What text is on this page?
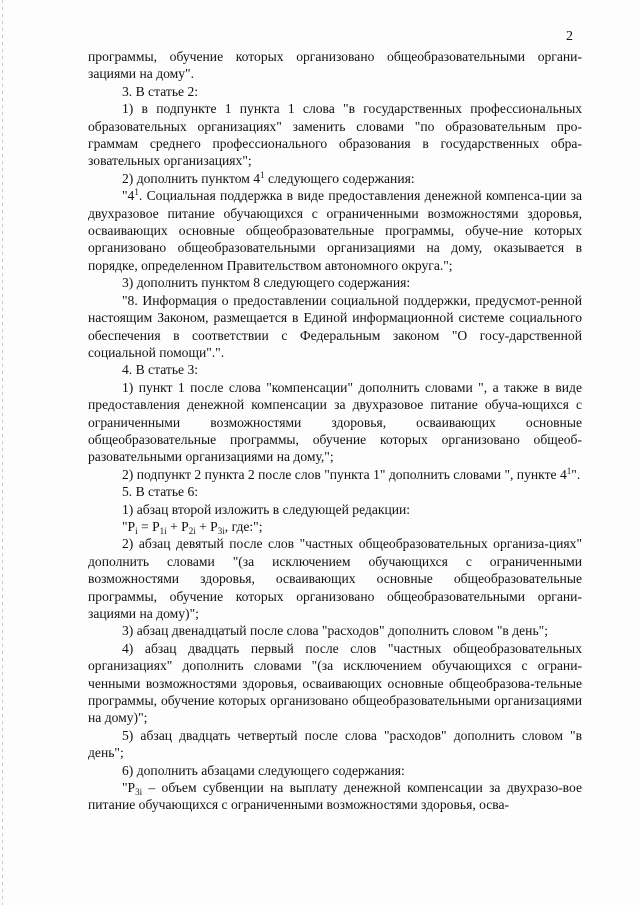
2

программы, обучение которых организовано общеобразовательными органи-зациями на дому".

3. В статье 2:

1) в подпункте 1 пункта 1 слова "в государственных профессиональных образовательных организациях" заменить словами "по образовательным про-граммам среднего профессионального образования в государственных обра-зовательных организациях";

2) дополнить пунктом $4^1$ следующего содержания:

"$4^1$. Социальная поддержка в виде предоставления денежной компенса-ции за двухразовое питание обучающихся с ограниченными возможностями здоровья, осваивающих основные общеобразовательные программы, обуче-ние которых организовано общеобразовательными организациями на дому, оказывается в порядке, определенном Правительством автономного округа.";

3) дополнить пунктом 8 следующего содержания:

"8. Информация о предоставлении социальной поддержки, предусмот-ренной настоящим Законом, размещается в Единой информационной системе социального обеспечения в соответствии с Федеральным законом "О госу-дарственной социальной помощи".".

4. В статье 3:

1) пункт 1 после слова "компенсации" дополнить словами ", а также в виде предоставления денежной компенсации за двухразовое питание обуча-ющихся с ограниченными возможностями здоровья, осваивающих основные общеобразовательные программы, обучение которых организовано общеоб-разовательными организациями на дому,";

2) подпункт 2 пункта 2 после слов "пункта 1" дополнить словами ", пункте $4^1$".

5. В статье 6:

1) абзац второй изложить в следующей редакции:

"$P_i = P_{1i} + P_{2i} + P_{3i}$, где:";

2) абзац девятый после слов "частных общеобразовательных организа-циях" дополнить словами "(за исключением обучающихся с ограниченными возможностями здоровья, осваивающих основные общеобразовательные программы, обучение которых организовано общеобразовательными органи-зациями на дому)";

3) абзац двенадцатый после слова "расходов" дополнить словом "в день";

4) абзац двадцать первый после слов "частных общеобразовательных организациях" дополнить словами "(за исключением обучающихся с ограни-ченными возможностями здоровья, осваивающих основные общеобразова-тельные программы, обучение которых организовано общеобразовательными организациями на дому)";

5) абзац двадцать четвертый после слова "расходов" дополнить словом "в день";

6) дополнить абзацами следующего содержания:

"$P_{3i}$ – объем субвенции на выплату денежной компенсации за двухразо-вое питание обучающихся с ограниченными возможностями здоровья, осва-
